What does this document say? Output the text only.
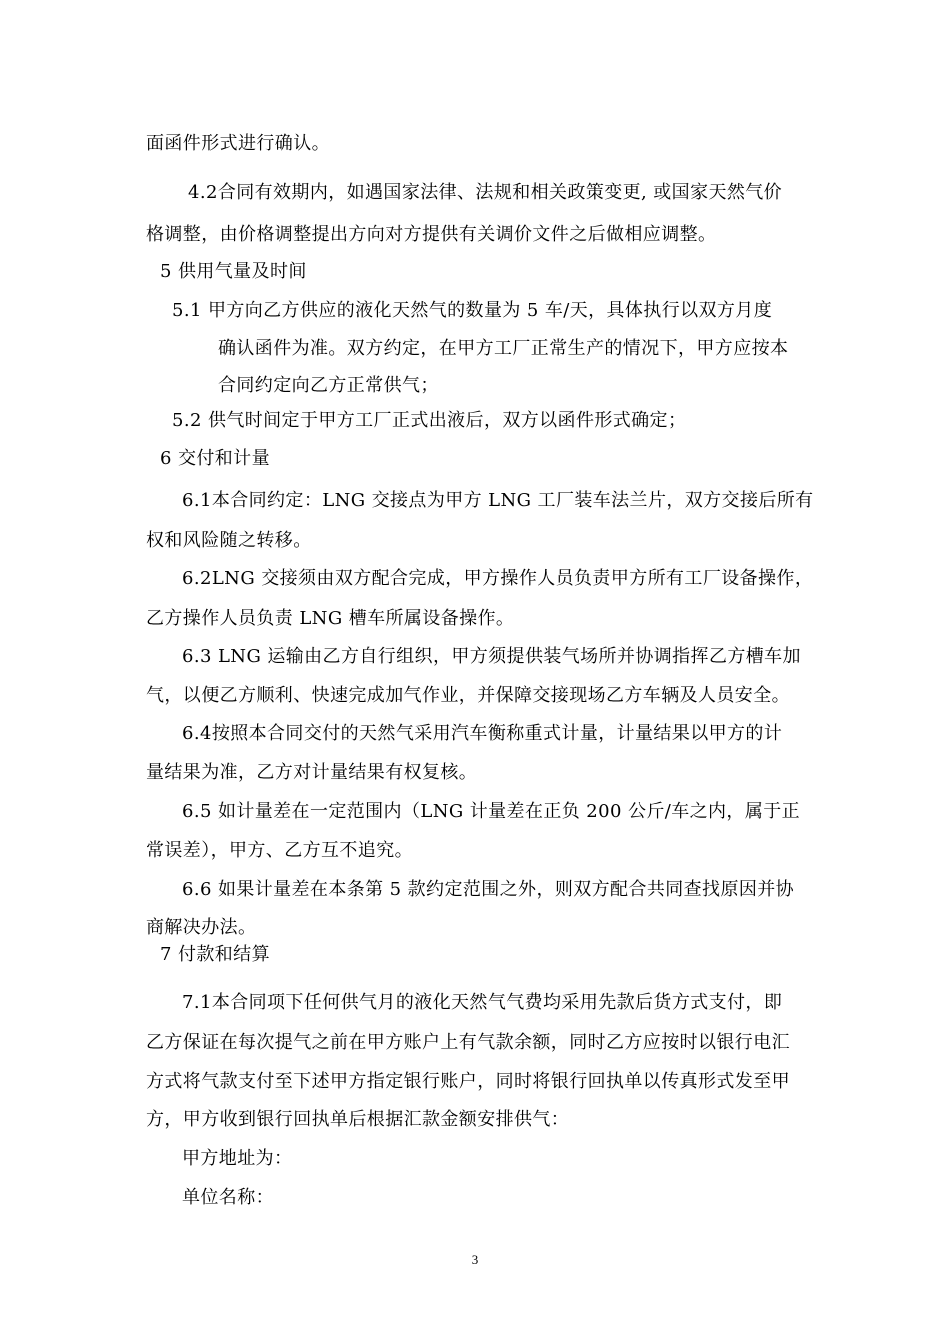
面函件形式进行确认。
4.2合同有效期内，如遇国家法律、法规和相关政策变更, 或国家天然气价
格调整，由价格调整提出方向对方提供有关调价文件之后做相应调整。
5 供用气量及时间
5.1 甲方向乙方供应的液化天然气的数量为 5 车/天，具体执行以双方月度
确认函件为准。双方约定，在甲方工厂正常生产的情况下，甲方应按本
合同约定向乙方正常供气；
5.2 供气时间定于甲方工厂正式出液后，双方以函件形式确定；
6 交付和计量
6.1本合同约定：LNG 交接点为甲方 LNG 工厂装车法兰片，双方交接后所有
权和风险随之转移。
6.2LNG 交接须由双方配合完成，甲方操作人员负责甲方所有工厂设备操作，
乙方操作人员负责 LNG 槽车所属设备操作。
6.3 LNG 运输由乙方自行组织，甲方须提供装气场所并协调指挥乙方槽车加
气，以便乙方顺利、快速完成加气作业，并保障交接现场乙方车辆及人员安全。
6.4按照本合同交付的天然气采用汽车衡称重式计量，计量结果以甲方的计
量结果为准，乙方对计量结果有权复核。
6.5 如计量差在一定范围内（LNG 计量差在正负 200 公斤/车之内，属于正
常误差），甲方、乙方互不追究。
6.6 如果计量差在本条第 5 款约定范围之外，则双方配合共同查找原因并协
商解决办法。
7 付款和结算
7.1本合同项下任何供气月的液化天然气气费均采用先款后货方式支付，即
乙方保证在每次提气之前在甲方账户上有气款余额，同时乙方应按时以银行电汇
方式将气款支付至下述甲方指定银行账户，同时将银行回执单以传真形式发至甲
方，甲方收到银行回执单后根据汇款金额安排供气：
甲方地址为：
单位名称：
3
